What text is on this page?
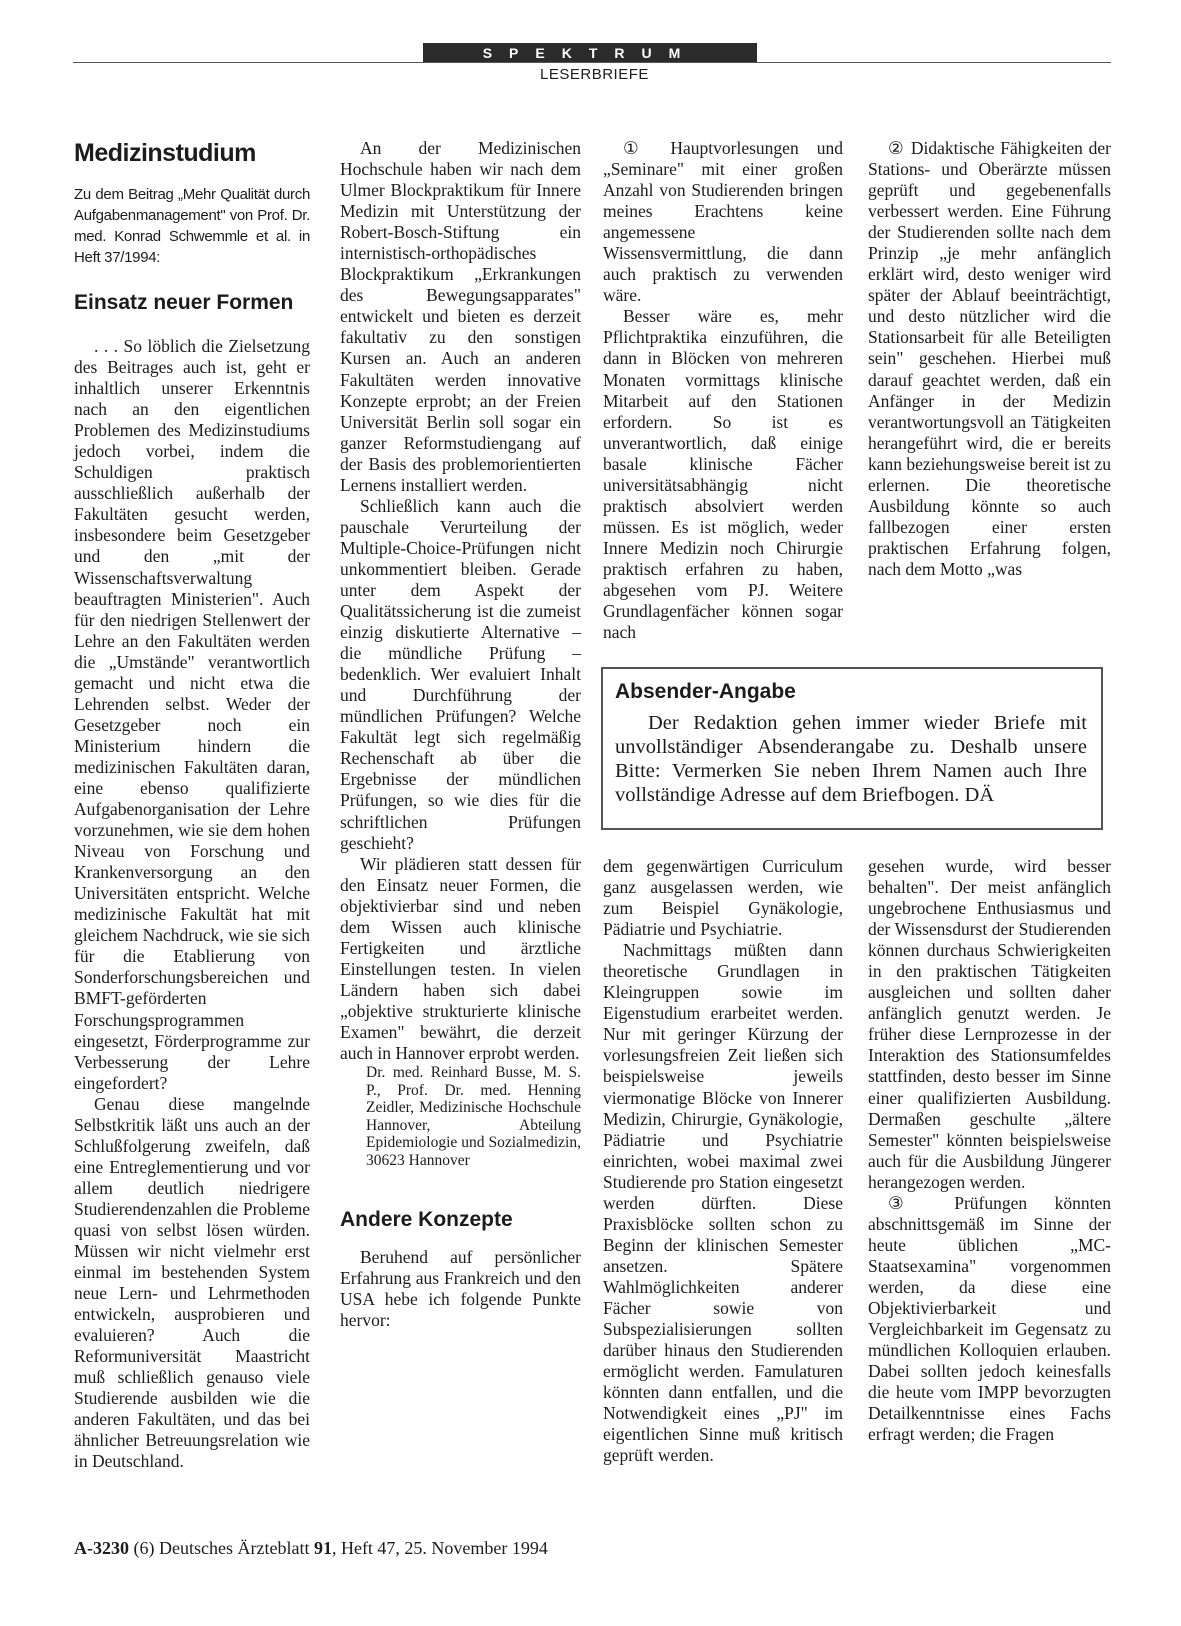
SPEKTRUM
LESERBRIEFE
Medizinstudium

Zu dem Beitrag „Mehr Qualität durch Aufgabenmanagement" von Prof. Dr. med. Konrad Schwemmle et al. in Heft 37/1994:

Einsatz neuer Formen

. . . So löblich die Zielsetzung des Beitrages auch ist, geht er inhaltlich unserer Erkenntnis nach an den eigentlichen Problemen des Medizinstudiums jedoch vorbei, indem die Schuldigen praktisch ausschließlich außerhalb der Fakultäten gesucht werden, insbesondere beim Gesetzgeber und den „mit der Wissenschaftsverwaltung beauftragten Ministerien". Auch für den niedrigen Stellenwert der Lehre an den Fakultäten werden die „Umstände" verantwortlich gemacht und nicht etwa die Lehrenden selbst. Weder der Gesetzgeber noch ein Ministerium hindern die medizinischen Fakultäten daran, eine ebenso qualifizierte Aufgabenorganisation der Lehre vorzunehmen, wie sie dem hohen Niveau von Forschung und Krankenversorgung an den Universitäten entspricht. Welche medizinische Fakultät hat mit gleichem Nachdruck, wie sie sich für die Etablierung von Sonderforschungsbereichen und BMFT-geförderten Forschungsprogrammen eingesetzt, Förderprogramme zur Verbesserung der Lehre eingefordert?

Genau diese mangelnde Selbstkritik läßt uns auch an der Schlußfolgerung zweifeln, daß eine Entreglementierung und vor allem deutlich niedrigere Studierendenzahlen die Probleme quasi von selbst lösen würden. Müssen wir nicht vielmehr erst einmal im bestehenden System neue Lern- und Lehrmethoden entwickeln, ausprobieren und evaluieren? Auch die Reformuniversität Maastricht muß schließlich genauso viele Studierende ausbilden wie die anderen Fakultäten, und das bei ähnlicher Betreuungsrelation wie in Deutschland.

An der Medizinischen Hochschule haben wir nach dem Ulmer Blockpraktikum für Innere Medizin mit Unterstützung der Robert-Bosch-Stiftung ein internistisch-orthopädisches Blockpraktikum „Erkrankungen des Bewegungsapparates" entwickelt und bieten es derzeit fakultativ zu den sonstigen Kursen an. Auch an anderen Fakultäten werden innovative Konzepte erprobt; an der Freien Universität Berlin soll sogar ein ganzer Reformstudiengang auf der Basis des problemorientierten Lernens installiert werden.

Schließlich kann auch die pauschale Verurteilung der Multiple-Choice-Prüfungen nicht unkommentiert bleiben. Gerade unter dem Aspekt der Qualitätssicherung ist die zumeist einzig diskutierte Alternative – die mündliche Prüfung – bedenklich. Wer evaluiert Inhalt und Durchführung der mündlichen Prüfungen? Welche Fakultät legt sich regelmäßig Rechenschaft ab über die Ergebnisse der mündlichen Prüfungen, so wie dies für die schriftlichen Prüfungen geschieht?

Wir plädieren statt dessen für den Einsatz neuer Formen, die objektivierbar sind und neben dem Wissen auch klinische Fertigkeiten und ärztliche Einstellungen testen. In vielen Ländern haben sich dabei „objektive strukturierte klinische Examen" bewährt, die derzeit auch in Hannover erprobt werden.

Dr. med. Reinhard Busse, M. S. P., Prof. Dr. med. Henning Zeidler, Medizinische Hochschule Hannover, Abteilung Epidemiologie und Sozialmedizin, 30623 Hannover

Andere Konzepte

Beruhend auf persönlicher Erfahrung aus Frankreich und den USA hebe ich folgende Punkte hervor:

① Hauptvorlesungen und „Seminare" mit einer großen Anzahl von Studierenden bringen meines Erachtens keine angemessene Wissensvermittlung, die dann auch praktisch zu verwenden wäre.

Besser wäre es, mehr Pflichtpraktika einzuführen, die dann in Blöcken von mehreren Monaten vormittags klinische Mitarbeit auf den Stationen erfordern. So ist es unverantwortlich, daß einige basale klinische Fächer universitätsabhängig nicht praktisch absolviert werden müssen. Es ist möglich, weder Innere Medizin noch Chirurgie praktisch erfahren zu haben, abgesehen vom PJ. Weitere Grundlagenfächer können sogar nach

② Didaktische Fähigkeiten der Stations- und Oberärzte müssen geprüft und gegebenenfalls verbessert werden. Eine Führung der Studierenden sollte nach dem Prinzip „je mehr anfänglich erklärt wird, desto weniger wird später der Ablauf beeinträchtigt, und desto nützlicher wird die Stationsarbeit für alle Beteiligten sein" geschehen. Hierbei muß darauf geachtet werden, daß ein Anfänger in der Medizin verantwortungsvoll an Tätigkeiten herangeführt wird, die er bereits kann beziehungsweise bereit ist zu erlernen. Die theoretische Ausbildung könnte so auch fallbezogen einer ersten praktischen Erfahrung folgen, nach dem Motto „was

Absender-Angabe

Der Redaktion gehen immer wieder Briefe mit unvollständiger Absenderangabe zu. Deshalb unsere Bitte: Vermerken Sie neben Ihrem Namen auch Ihre vollständige Adresse auf dem Briefbogen. DÄ

dem gegenwärtigen Curriculum ganz ausgelassen werden, wie zum Beispiel Gynäkologie, Pädiatrie und Psychiatrie.

Nachmittags müßten dann theoretische Grundlagen in Kleingruppen sowie im Eigenstudium erarbeitet werden. Nur mit geringer Kürzung der vorlesungsfreien Zeit ließen sich beispielsweise jeweils viermonatige Blöcke von Innerer Medizin, Chirurgie, Gynäkologie, Pädiatrie und Psychiatrie einrichten, wobei maximal zwei Studierende pro Station eingesetzt werden dürften. Diese Praxisblöcke sollten schon zu Beginn der klinischen Semester ansetzen. Spätere Wahlmöglichkeiten anderer Fächer sowie von Subspezialisierungen sollten darüber hinaus den Studierenden ermöglicht werden. Famulaturen könnten dann entfallen, und die Notwendigkeit eines „PJ" im eigentlichen Sinne muß kritisch geprüft werden.

gesehen wurde, wird besser behalten". Der meist anfänglich ungebrochene Enthusiasmus und der Wissensdurst der Studierenden können durchaus Schwierigkeiten in den praktischen Tätigkeiten ausgleichen und sollten daher anfänglich genutzt werden. Je früher diese Lernprozesse in der Interaktion des Stationsumfeldes stattfinden, desto besser im Sinne einer qualifizierten Ausbildung. Dermaßen geschulte „ältere Semester" könnten beispielsweise auch für die Ausbildung Jüngerer herangezogen werden.

③ Prüfungen könnten abschnittsgemäß im Sinne der heute üblichen „MC-Staatsexamina" vorgenommen werden, da diese eine Objektivierbarkeit und Vergleichbarkeit im Gegensatz zu mündlichen Kolloquien erlauben. Dabei sollten jedoch keinesfalls die heute vom IMPP bevorzugten Detailkenntnisse eines Fachs erfragt werden; die Fragen

A-3230 (6) Deutsches Ärzteblatt 91, Heft 47, 25. November 1994
